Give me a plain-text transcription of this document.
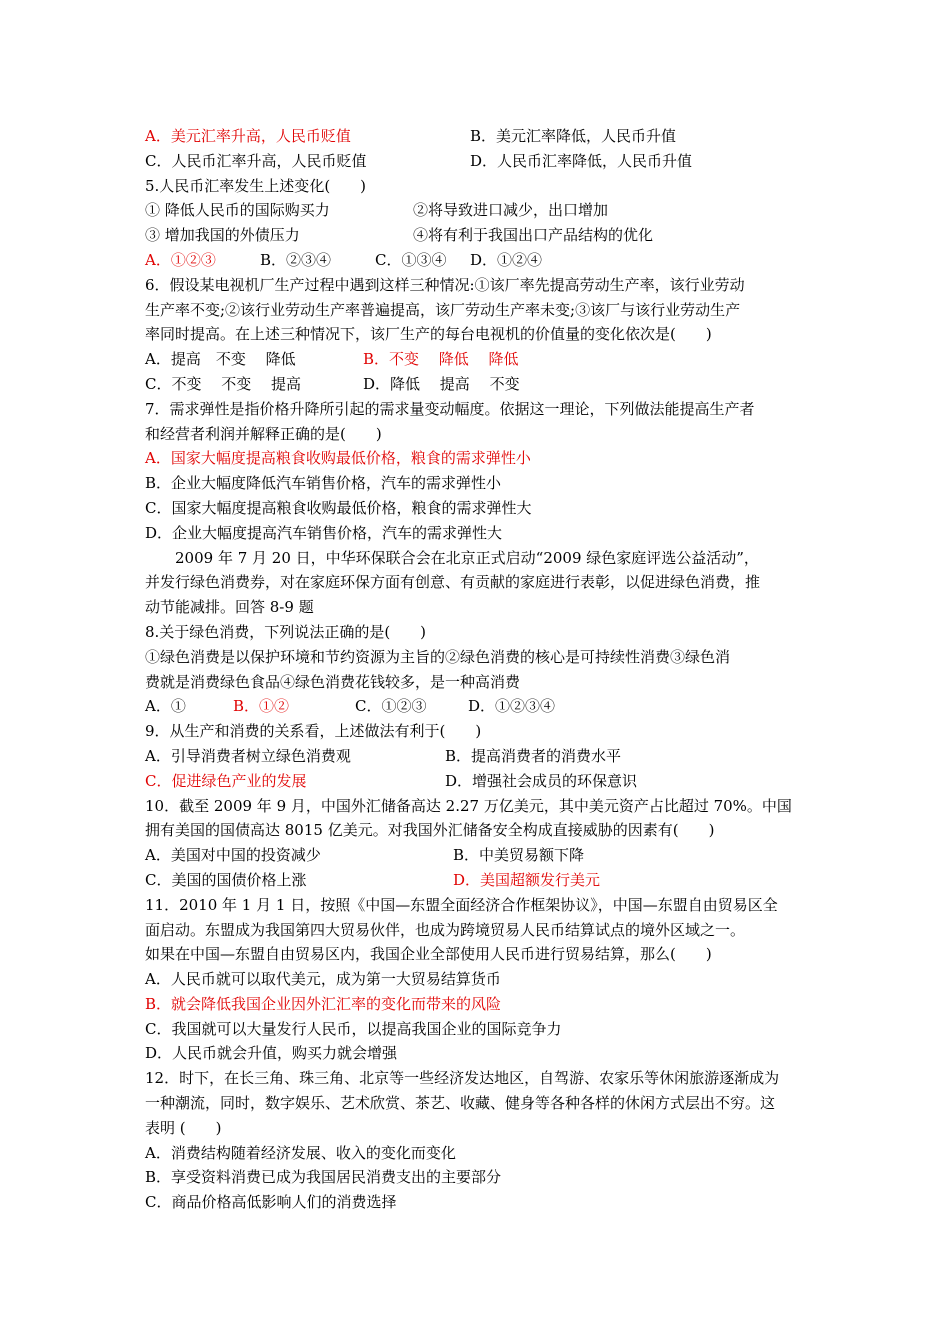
A．美元汇率升高，人民币贬值	B．美元汇率降低，人民币升值
C．人民币汇率升高，人民币贬值	D．人民币汇率降低，人民币升值
5.人民币汇率发生上述变化(　　)
① 降低人民币的国际购买力	②将导致进口减少，出口增加
③ 增加我国的外债压力	④将有利于我国出口产品结构的优化
A．①②③	B．②③④	C．①③④ D．①②④
6．假设某电视机厂生产过程中遇到这样三种情况:①该厂率先提高劳动生产率，该行业劳动
生产率不变;②该行业劳动生产率普遍提高，该厂劳动生产率未变;③该厂与该行业劳动生产
率同时提高。在上述三种情况下，该厂生产的每台电视机的价值量的变化依次是(　　)
A．提高　不变　 降低	B．不变　 降低　 降低
C．不变　 不变　 提高	D．降低　 提高　 不变
7．需求弹性是指价格升降所引起的需求量变动幅度。依据这一理论，下列做法能提高生产者
和经营者利润并解释正确的是(　　)
A．国家大幅度提高粮食收购最低价格，粮食的需求弹性小
B．企业大幅度降低汽车销售价格，汽车的需求弹性小
C．国家大幅度提高粮食收购最低价格，粮食的需求弹性大
D．企业大幅度提高汽车销售价格，汽车的需求弹性大
2009 年 7 月 20 日，中华环保联合会在北京正式启动“2009 绿色家庭评选公益活动”，
并发行绿色消费券，对在家庭环保方面有创意、有贡献的家庭进行表彰，以促进绿色消费，推
动节能减排。回答 8-9 题
8.关于绿色消费，下列说法正确的是(　　)
①绿色消费是以保护环境和节约资源为主旨的②绿色消费的核心是可持续性消费③绿色消
费就是消费绿色食品④绿色消费花钱较多，是一种高消费
A．①	B．①②	C．①②③	D．①②③④
9．从生产和消费的关系看，上述做法有利于(　　)
A．引导消费者树立绿色消费观	B．提高消费者的消费水平
C．促进绿色产业的发展	D．增强社会成员的环保意识
10．截至 2009 年 9 月，中国外汇储备高达 2.27 万亿美元，其中美元资产占比超过 70%。中国
拥有美国的国债高达 8015 亿美元。对我国外汇储备安全构成直接威胁的因素有(　　)
A．美国对中国的投资减少	B．中美贸易额下降
C．美国的国债价格上涨	D．美国超额发行美元
11．2010 年 1 月 1 日，按照《中国—东盟全面经济合作框架协议》，中国—东盟自由贸易区全
面启动。东盟成为我国第四大贸易伙伴，也成为跨境贸易人民币结算试点的境外区域之一。
如果在中国—东盟自由贸易区内，我国企业全部使用人民币进行贸易结算，那么(　　)
A．人民币就可以取代美元，成为第一大贸易结算货币
B．就会降低我国企业因外汇汇率的变化而带来的风险
C．我国就可以大量发行人民币，以提高我国企业的国际竞争力
D．人民币就会升值，购买力就会增强
12．时下，在长三角、珠三角、北京等一些经济发达地区，自驾游、农家乐等休闲旅游逐渐成为
一种潮流，同时，数字娱乐、艺术欣赏、茶艺、收藏、健身等各种各样的休闲方式层出不穷。这
表明 (　　)
A．消费结构随着经济发展、收入的变化而变化
B．享受资料消费已成为我国居民消费支出的主要部分
C．商品价格高低影响人们的消费选择
